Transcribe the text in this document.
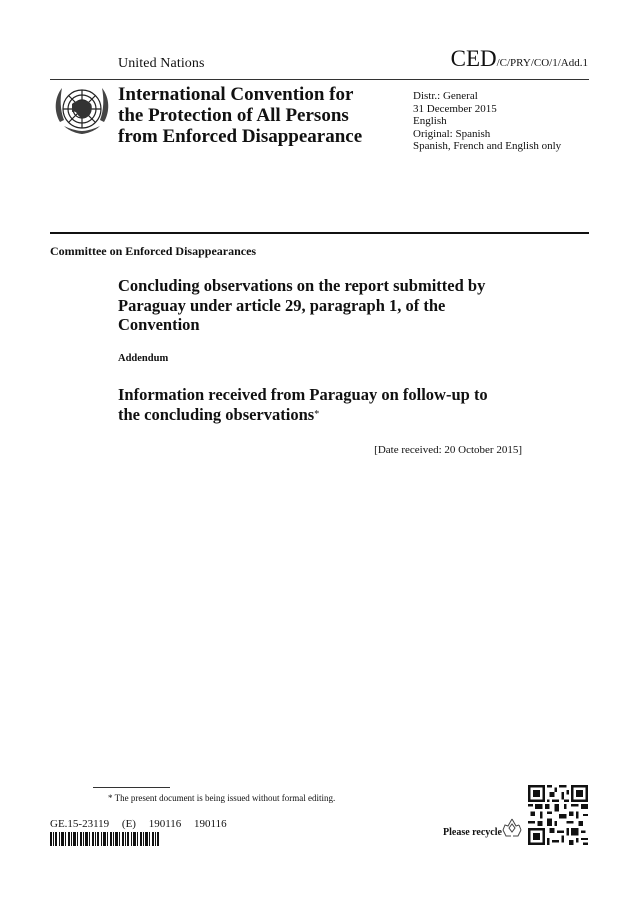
United Nations	CED/C/PRY/CO/1/Add.1
International Convention for
the Protection of All Persons
from Enforced Disappearance
Distr.: General
31 December 2015
English
Original: Spanish
Spanish, French and English only
Committee on Enforced Disappearances
Concluding observations on the report submitted by
Paraguay under article 29, paragraph 1, of the
Convention
Addendum
Information received from Paraguay on follow-up to
the concluding observations*
[Date received: 20 October 2015]
* The present document is being issued without formal editing.
GE.15-23119 (E) 190116 190116
Please recycle
